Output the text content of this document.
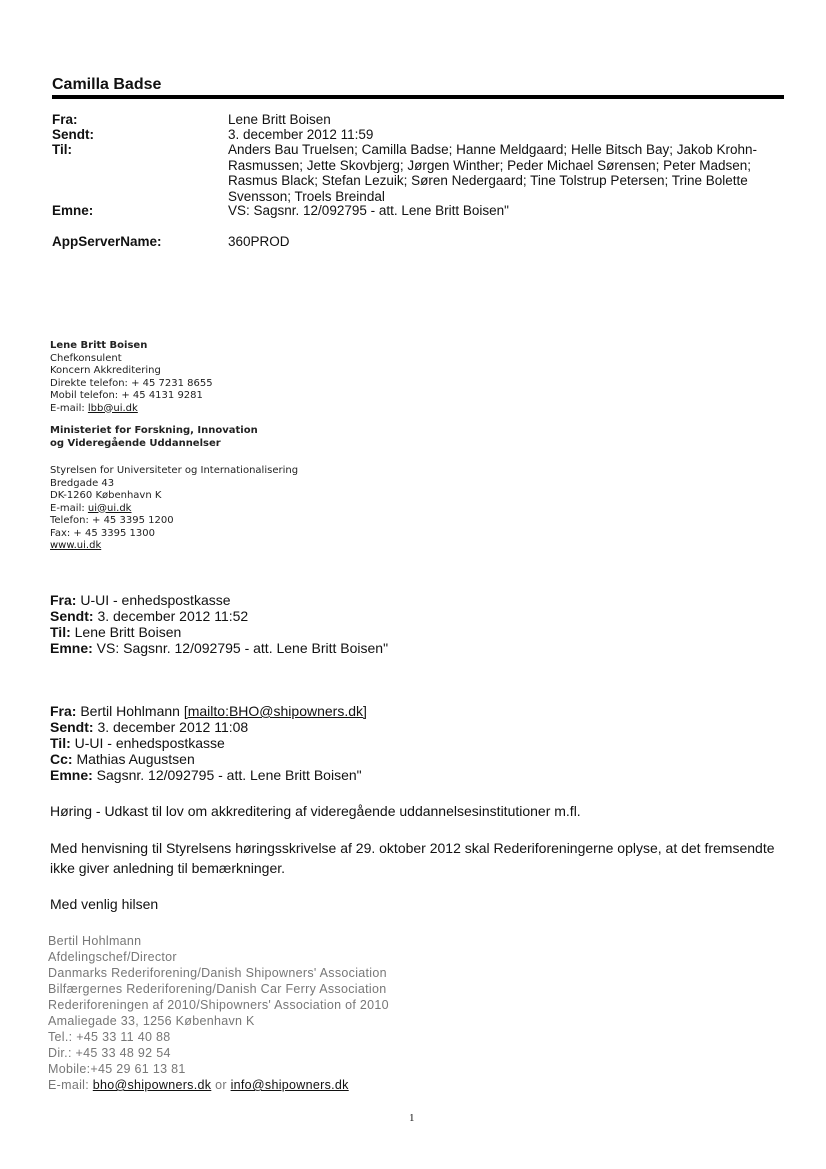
Camilla Badse
Fra:	Lene Britt Boisen
Sendt:	3. december 2012 11:59
Til:	Anders Bau Truelsen; Camilla Badse; Hanne Meldgaard; Helle Bitsch Bay; Jakob Krohn-Rasmussen; Jette Skovbjerg; Jørgen Winther; Peder Michael Sørensen; Peter Madsen; Rasmus Black; Stefan Lezuik; Søren Nedergaard; Tine Tolstrup Petersen; Trine Bolette Svensson; Troels Breindal
Emne:	VS: Sagsnr. 12/092795 - att. Lene Britt Boisen"
AppServerName:	360PROD
Lene Britt Boisen
Chefkonsulent
Koncern Akkreditering
Direkte telefon: + 45 7231 8655
Mobil telefon: + 45 4131 9281
E-mail: lbb@ui.dk
Ministeriet for Forskning, Innovation
og Videregående Uddannelser
Styrelsen for Universiteter og Internationalisering
Bredgade 43
DK-1260 København K
E-mail: ui@ui.dk
Telefon: + 45 3395 1200
Fax: + 45 3395 1300
www.ui.dk
Fra: U-UI - enhedspostkasse
Sendt: 3. december 2012 11:52
Til: Lene Britt Boisen
Emne: VS: Sagsnr. 12/092795 - att. Lene Britt Boisen"
Fra: Bertil Hohlmann [mailto:BHO@shipowners.dk]
Sendt: 3. december 2012 11:08
Til: U-UI - enhedspostkasse
Cc: Mathias Augustsen
Emne: Sagsnr. 12/092795 - att. Lene Britt Boisen"
Høring - Udkast til lov om akkreditering af videregående uddannelsesinstitutioner m.fl.
Med henvisning til Styrelsens høringsskrivelse af 29. oktober 2012 skal Rederiforeningerne oplyse, at det fremsendte ikke giver anledning til bemærkninger.
Med venlig hilsen
Bertil Hohlmann
Afdelingschef/Director
Danmarks Rederiforening/Danish Shipowners' Association
Bilfærgernes Rederiforening/Danish Car Ferry Association
Rederiforeningen af 2010/Shipowners' Association of 2010
Amaliegade 33, 1256 København K
Tel.: +45 33 11 40 88
Dir.: +45 33 48 92 54
Mobile:+45 29 61 13 81
E-mail: bho@shipowners.dk or info@shipowners.dk
1
